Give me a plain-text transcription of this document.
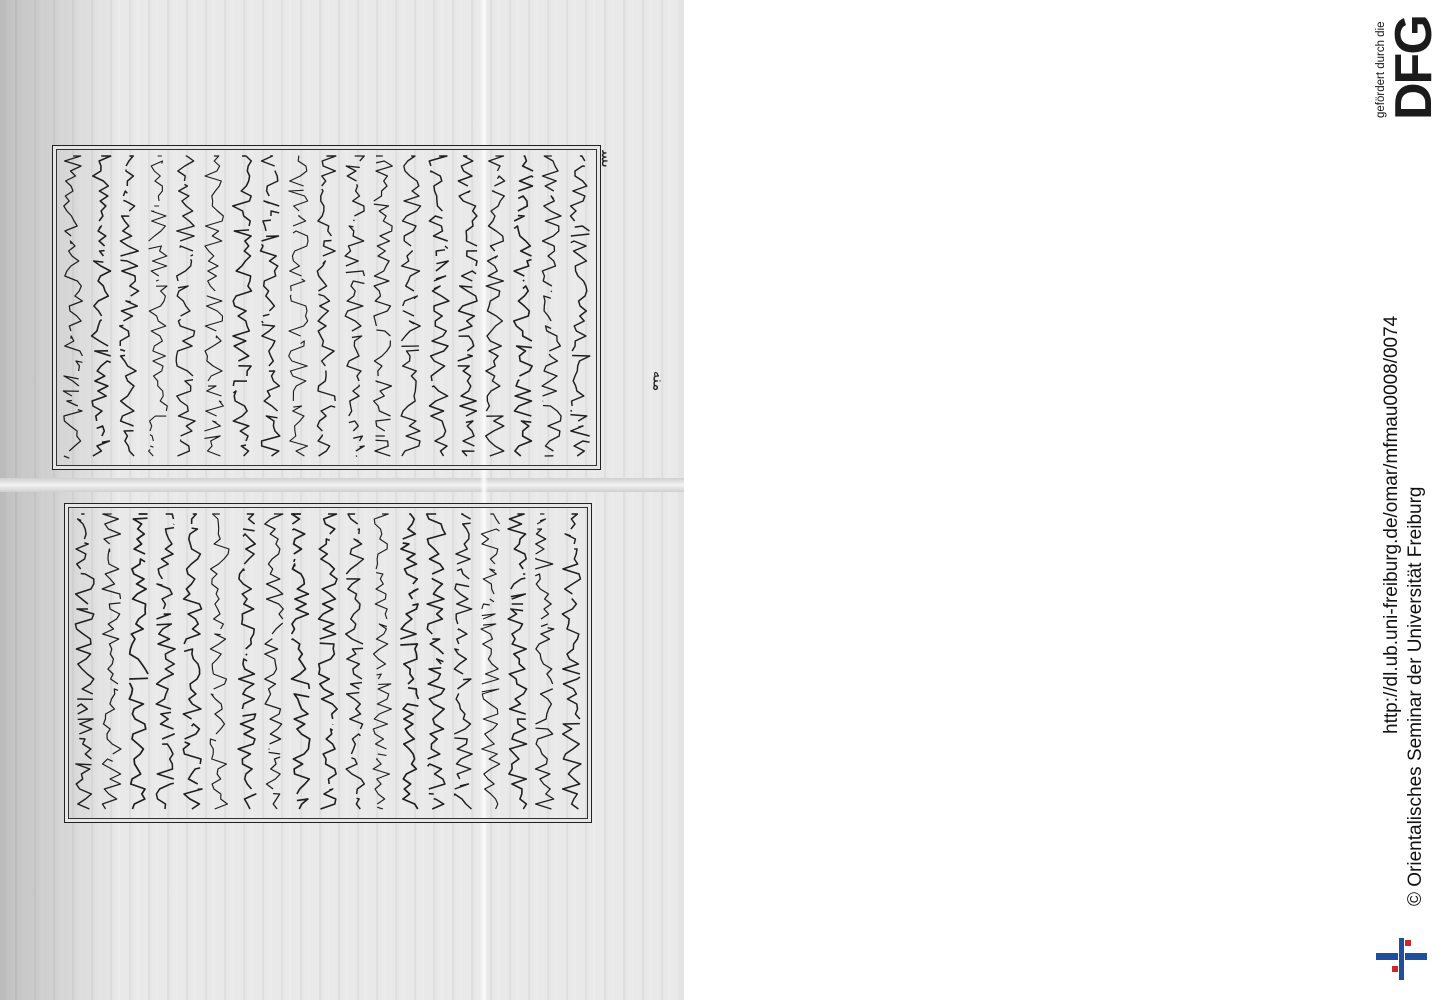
ﺑﺴ
ﻣﻨﻪ
gefördert durch die
DFG
http://dl.ub.uni-freiburg.de/omar/mfmau0008/0074 © Orientalisches Seminar der Universität Freiburg
